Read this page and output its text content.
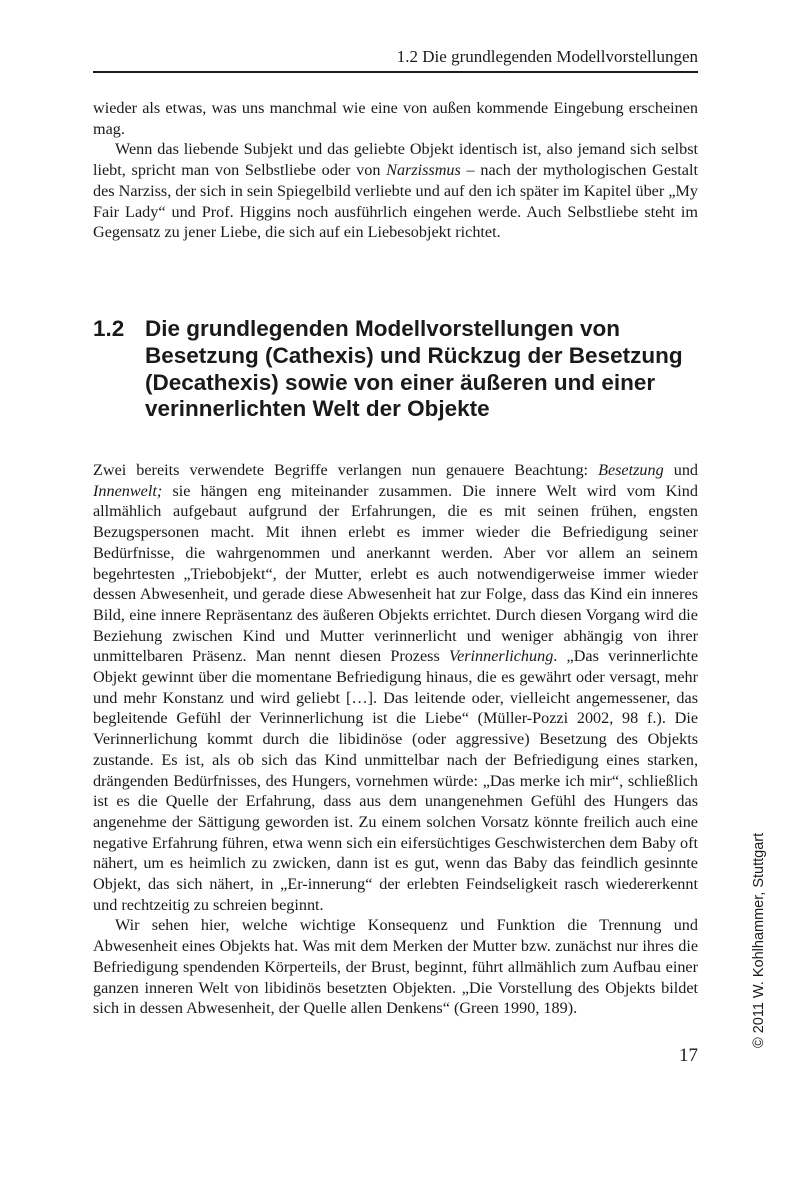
1.2 Die grundlegenden Modellvorstellungen

wieder als etwas, was uns manchmal wie eine von außen kommende Eingebung erscheinen mag.

Wenn das liebende Subjekt und das geliebte Objekt identisch ist, also jemand sich selbst liebt, spricht man von Selbstliebe oder von Narzissmus – nach der mythologischen Gestalt des Narziss, der sich in sein Spiegelbild verliebte und auf den ich später im Kapitel über „My Fair Lady“ und Prof. Higgins noch ausführlich eingehen werde. Auch Selbstliebe steht im Gegensatz zu jener Liebe, die sich auf ein Liebesobjekt richtet.

1.2 Die grundlegenden Modellvorstellungen von Besetzung (Cathexis) und Rückzug der Besetzung (Decathexis) sowie von einer äußeren und einer verinnerlichten Welt der Objekte

Zwei bereits verwendete Begriffe verlangen nun genauere Beachtung: Besetzung und Innenwelt; sie hängen eng miteinander zusammen. Die innere Welt wird vom Kind allmählich aufgebaut aufgrund der Erfahrungen, die es mit seinen frühen, engsten Bezugspersonen macht. Mit ihnen erlebt es immer wieder die Befriedigung seiner Bedürfnisse, die wahrgenommen und anerkannt werden. Aber vor allem an seinem begehrtesten „Triebobjekt“, der Mutter, erlebt es auch notwendigerweise immer wieder dessen Abwesenheit, und gerade diese Abwesenheit hat zur Folge, dass das Kind ein inneres Bild, eine innere Repräsentanz des äußeren Objekts errichtet. Durch diesen Vorgang wird die Beziehung zwischen Kind und Mutter verinnerlicht und weniger abhängig von ihrer unmittelbaren Präsenz. Man nennt diesen Prozess Verinnerlichung. „Das verinnerlichte Objekt gewinnt über die momentane Befriedigung hinaus, die es gewährt oder versagt, mehr und mehr Konstanz und wird geliebt […]. Das leitende oder, vielleicht angemessener, das begleitende Gefühl der Verinnerlichung ist die Liebe“ (Müller-Pozzi 2002, 98 f.). Die Verinnerlichung kommt durch die libidinöse (oder aggressive) Besetzung des Objekts zustande. Es ist, als ob sich das Kind unmittelbar nach der Befriedigung eines starken, drängenden Bedürfnisses, des Hungers, vornehmen würde: „Das merke ich mir“, schließlich ist es die Quelle der Erfahrung, dass aus dem unangenehmen Gefühl des Hungers das angenehme der Sättigung geworden ist. Zu einem solchen Vorsatz könnte freilich auch eine negative Erfahrung führen, etwa wenn sich ein eifersüchtiges Geschwisterchen dem Baby oft nähert, um es heimlich zu zwicken, dann ist es gut, wenn das Baby das feindlich gesinnte Objekt, das sich nähert, in „Er-innerung“ der erlebten Feindseligkeit rasch wiedererkennt und rechtzeitig zu schreien beginnt.

Wir sehen hier, welche wichtige Konsequenz und Funktion die Trennung und Abwesenheit eines Objekts hat. Was mit dem Merken der Mutter bzw. zunächst nur ihres die Befriedigung spendenden Körperteils, der Brust, beginnt, führt allmählich zum Aufbau einer ganzen inneren Welt von libidinös besetzten Objekten. „Die Vorstellung des Objekts bildet sich in dessen Abwesenheit, der Quelle allen Denkens“ (Green 1990, 189).

17
© 2011 W. Kohlhammer, Stuttgart
